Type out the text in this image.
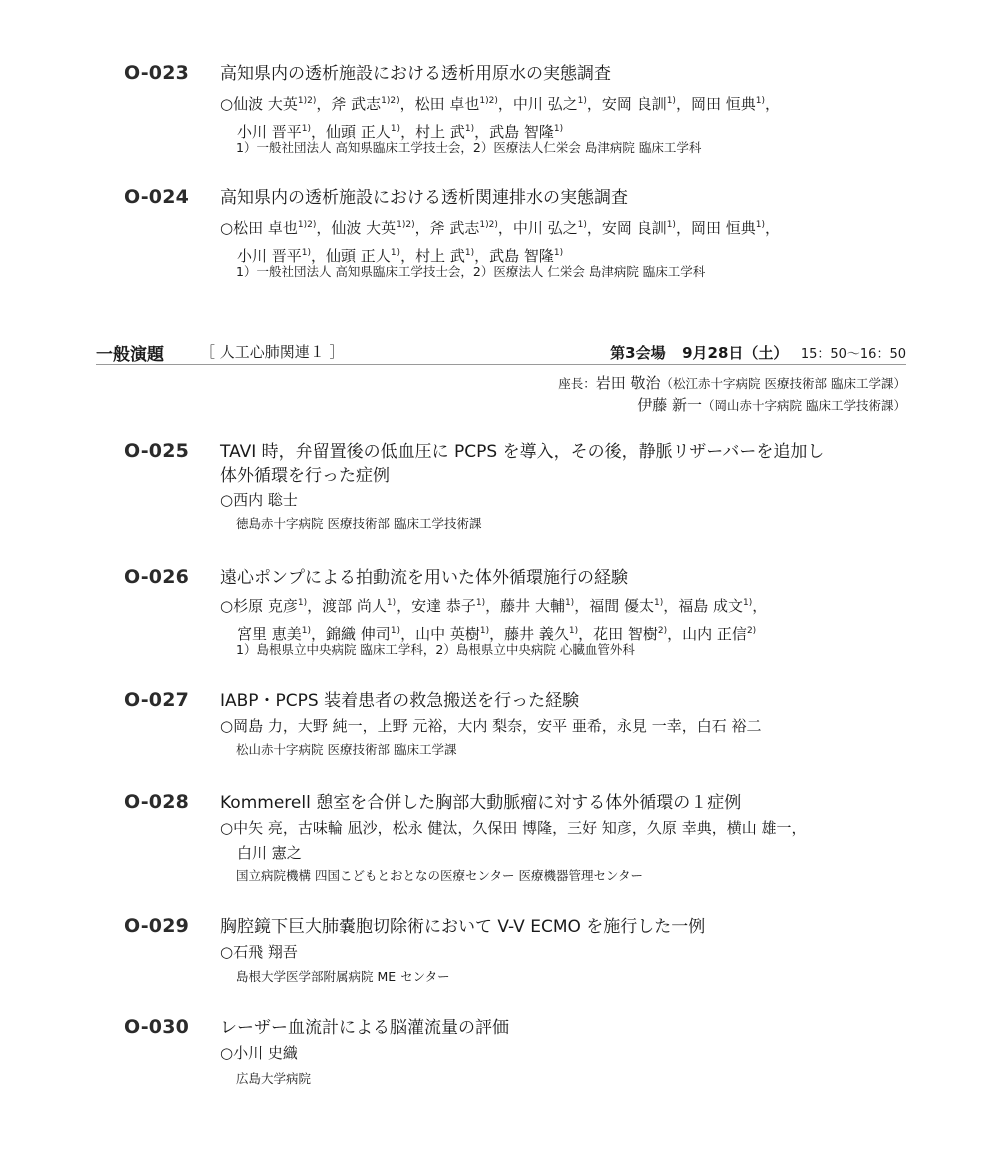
O-023 高知県内の透析施設における透析用原水の実態調査
○仙波 大英$^{1)2)}$，斧 武志$^{1)2)}$，松田 卓也$^{1)2)}$，中川 弘之$^{1)}$，安岡 良訓$^{1)}$，岡田 恒典$^{1)}$，
小川 晋平$^{1)}$，仙頭 正人$^{1)}$，村上 武$^{1)}$，武島 智隆$^{1)}$
1）一般社団法人 高知県臨床工学技士会，2）医療法人仁栄会 島津病院 臨床工学科
O-024 高知県内の透析施設における透析関連排水の実態調査
○松田 卓也$^{1)2)}$，仙波 大英$^{1)2)}$，斧 武志$^{1)2)}$，中川 弘之$^{1)}$，安岡 良訓$^{1)}$，岡田 恒典$^{1)}$，
小川 晋平$^{1)}$，仙頭 正人$^{1)}$，村上 武$^{1)}$，武島 智隆$^{1)}$
1）一般社団法人 高知県臨床工学技士会，2）医療法人 仁栄会 島津病院 臨床工学科
一般演題 ［ 人工心肺関連１ ］	第3会場 9月28日（土） 15：50〜16：50
座長：岩田 敬治（松江赤十字病院 医療技術部 臨床工学課）
伊藤 新一（岡山赤十字病院 臨床工学技術課）
O-025 TAVI 時，弁留置後の低血圧に PCPS を導入，その後，静脈リザーバーを追加し
体外循環を行った症例
○西内 聡士
徳島赤十字病院 医療技術部 臨床工学技術課
O-026 遠心ポンプによる拍動流を用いた体外循環施行の経験
○杉原 克彦$^{1)}$，渡部 尚人$^{1)}$，安達 恭子$^{1)}$，藤井 大輔$^{1)}$，福間 優太$^{1)}$，福島 成文$^{1)}$，
宮里 恵美$^{1)}$，錦織 伸司$^{1)}$，山中 英樹$^{1)}$，藤井 義久$^{1)}$，花田 智樹$^{2)}$，山内 正信$^{2)}$
1）島根県立中央病院 臨床工学科，2）島根県立中央病院 心臓血管外科
O-027 IABP・PCPS 装着患者の救急搬送を行った経験
○岡島 力，大野 純一，上野 元裕，大内 梨奈，安平 亜希，永見 一幸，白石 裕二
松山赤十字病院 医療技術部 臨床工学課
O-028 Kommerell 憩室を合併した胸部大動脈瘤に対する体外循環の１症例
○中矢 亮，古味輪 凪沙，松永 健汰，久保田 博隆，三好 知彦，久原 幸典，横山 雄一，
白川 憲之
国立病院機構 四国こどもとおとなの医療センター 医療機器管理センター
O-029 胸腔鏡下巨大肺嚢胞切除術において V-V ECMO を施行した一例
○石飛 翔吾
島根大学医学部附属病院 ME センター
O-030 レーザー血流計による脳灌流量の評価
○小川 史織
広島大学病院
